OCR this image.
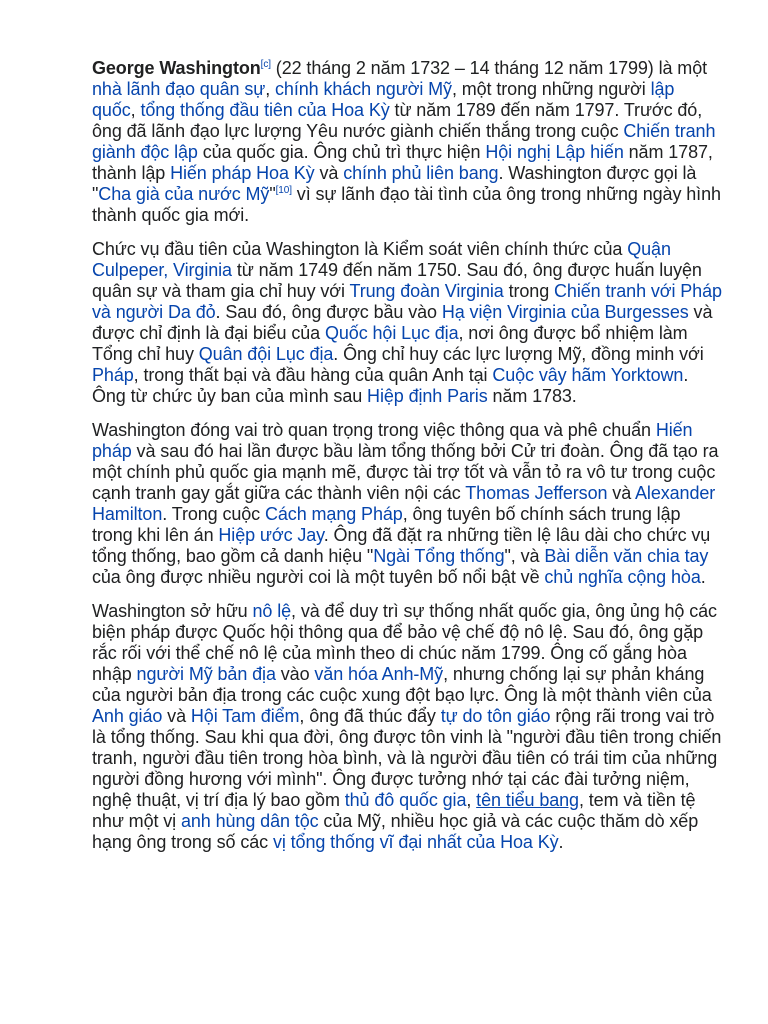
George Washington[c] (22 tháng 2 năm 1732 – 14 tháng 12 năm 1799) là một nhà lãnh đạo quân sự, chính khách người Mỹ, một trong những người lập quốc, tổng thống đầu tiên của Hoa Kỳ từ năm 1789 đến năm 1797. Trước đó, ông đã lãnh đạo lực lượng Yêu nước giành chiến thắng trong cuộc Chiến tranh giành độc lập của quốc gia. Ông chủ trì thực hiện Hội nghị Lập hiến năm 1787, thành lập Hiến pháp Hoa Kỳ và chính phủ liên bang. Washington được gọi là "Cha già của nước Mỹ"[10] vì sự lãnh đạo tài tình của ông trong những ngày hình thành quốc gia mới.

Chức vụ đầu tiên của Washington là Kiểm soát viên chính thức của Quận Culpeper, Virginia từ năm 1749 đến năm 1750. Sau đó, ông được huấn luyện quân sự và tham gia chỉ huy với Trung đoàn Virginia trong Chiến tranh với Pháp và người Da đỏ. Sau đó, ông được bầu vào Hạ viện Virginia của Burgesses và được chỉ định là đại biểu của Quốc hội Lục địa, nơi ông được bổ nhiệm làm Tổng chỉ huy Quân đội Lục địa. Ông chỉ huy các lực lượng Mỹ, đồng minh với Pháp, trong thất bại và đầu hàng của quân Anh tại Cuộc vây hãm Yorktown. Ông từ chức ủy ban của mình sau Hiệp định Paris năm 1783.

Washington đóng vai trò quan trọng trong việc thông qua và phê chuẩn Hiến pháp và sau đó hai lần được bầu làm tổng thống bởi Cử tri đoàn. Ông đã tạo ra một chính phủ quốc gia mạnh mẽ, được tài trợ tốt và vẫn tỏ ra vô tư trong cuộc cạnh tranh gay gắt giữa các thành viên nội các Thomas Jefferson và Alexander Hamilton. Trong cuộc Cách mạng Pháp, ông tuyên bố chính sách trung lập trong khi lên án Hiệp ước Jay. Ông đã đặt ra những tiền lệ lâu dài cho chức vụ tổng thống, bao gồm cả danh hiệu "Ngài Tổng thống", và Bài diễn văn chia tay của ông được nhiều người coi là một tuyên bố nổi bật về chủ nghĩa cộng hòa.

Washington sở hữu nô lệ, và để duy trì sự thống nhất quốc gia, ông ủng hộ các biện pháp được Quốc hội thông qua để bảo vệ chế độ nô lệ. Sau đó, ông gặp rắc rối với thể chế nô lệ của mình theo di chúc năm 1799. Ông cố gắng hòa nhập người Mỹ bản địa vào văn hóa Anh-Mỹ, nhưng chống lại sự phản kháng của người bản địa trong các cuộc xung đột bạo lực. Ông là một thành viên của Anh giáo và Hội Tam điểm, ông đã thúc đẩy tự do tôn giáo rộng rãi trong vai trò là tổng thống. Sau khi qua đời, ông được tôn vinh là "người đầu tiên trong chiến tranh, người đầu tiên trong hòa bình, và là người đầu tiên có trái tim của những người đồng hương với mình". Ông được tưởng nhớ tại các đài tưởng niệm, nghệ thuật, vị trí địa lý bao gồm thủ đô quốc gia, tên tiểu bang, tem và tiền tệ như một vị anh hùng dân tộc của Mỹ, nhiều học giả và các cuộc thăm dò xếp hạng ông trong số các vị tổng thống vĩ đại nhất của Hoa Kỳ.
